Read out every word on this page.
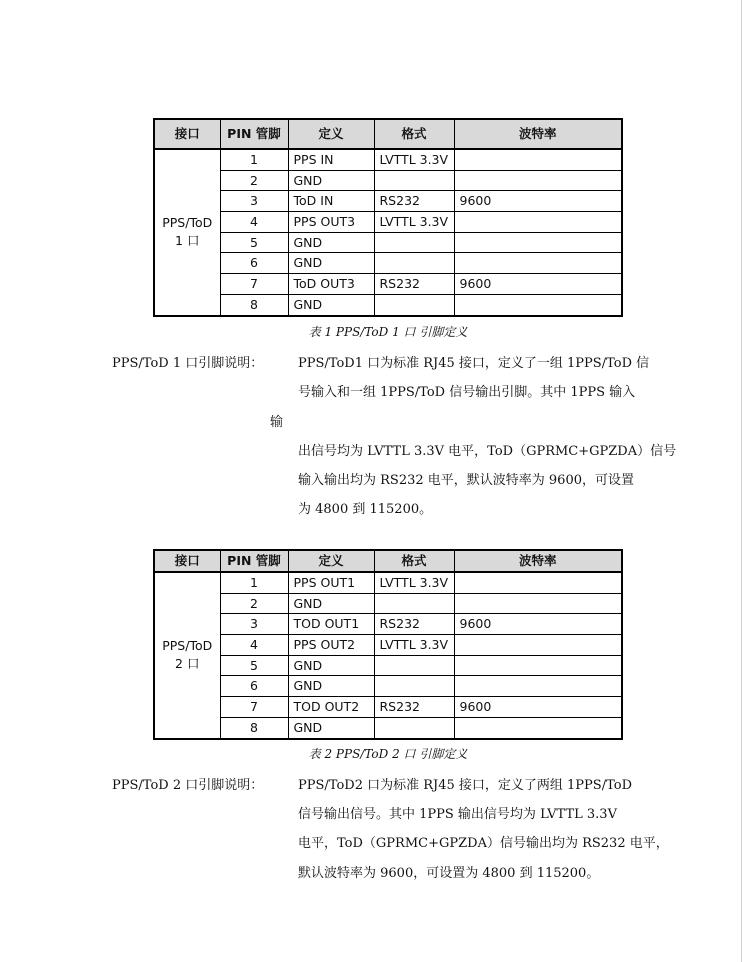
接口	PIN 管脚	定义	格式	波特率
PPS/ToD
1 口	1	PPS IN	LVTTL 3.3V	
	2	GND		
	3	ToD IN	RS232	9600
	4	PPS OUT3	LVTTL 3.3V	
	5	GND		
	6	GND		
	7	ToD OUT3	RS232	9600
	8	GND		
表 1 PPS/ToD 1 口 引脚定义
PPS/ToD 1 口引脚说明：	PPS/ToD1 口为标准 RJ45 接口，定义了一组 1PPS/ToD 信
号输入和一组 1PPS/ToD 信号输出引脚。其中 1PPS 输入
输
出信号均为 LVTTL 3.3V 电平，ToD（GPRMC+GPZDA）信号
输入输出均为 RS232 电平，默认波特率为 9600，可设置
为 4800 到 115200。
接口	PIN 管脚	定义	格式	波特率
PPS/ToD
2 口	1	PPS OUT1	LVTTL 3.3V	
	2	GND		
	3	TOD OUT1	RS232	9600
	4	PPS OUT2	LVTTL 3.3V	
	5	GND		
	6	GND		
	7	TOD OUT2	RS232	9600
	8	GND		
表 2 PPS/ToD 2 口 引脚定义
PPS/ToD 2 口引脚说明：	PPS/ToD2 口为标准 RJ45 接口，定义了两组 1PPS/ToD
信号输出信号。其中 1PPS 输出信号均为 LVTTL 3.3V
电平，ToD（GPRMC+GPZDA）信号输出均为 RS232 电平，
默认波特率为 9600，可设置为 4800 到 115200。
